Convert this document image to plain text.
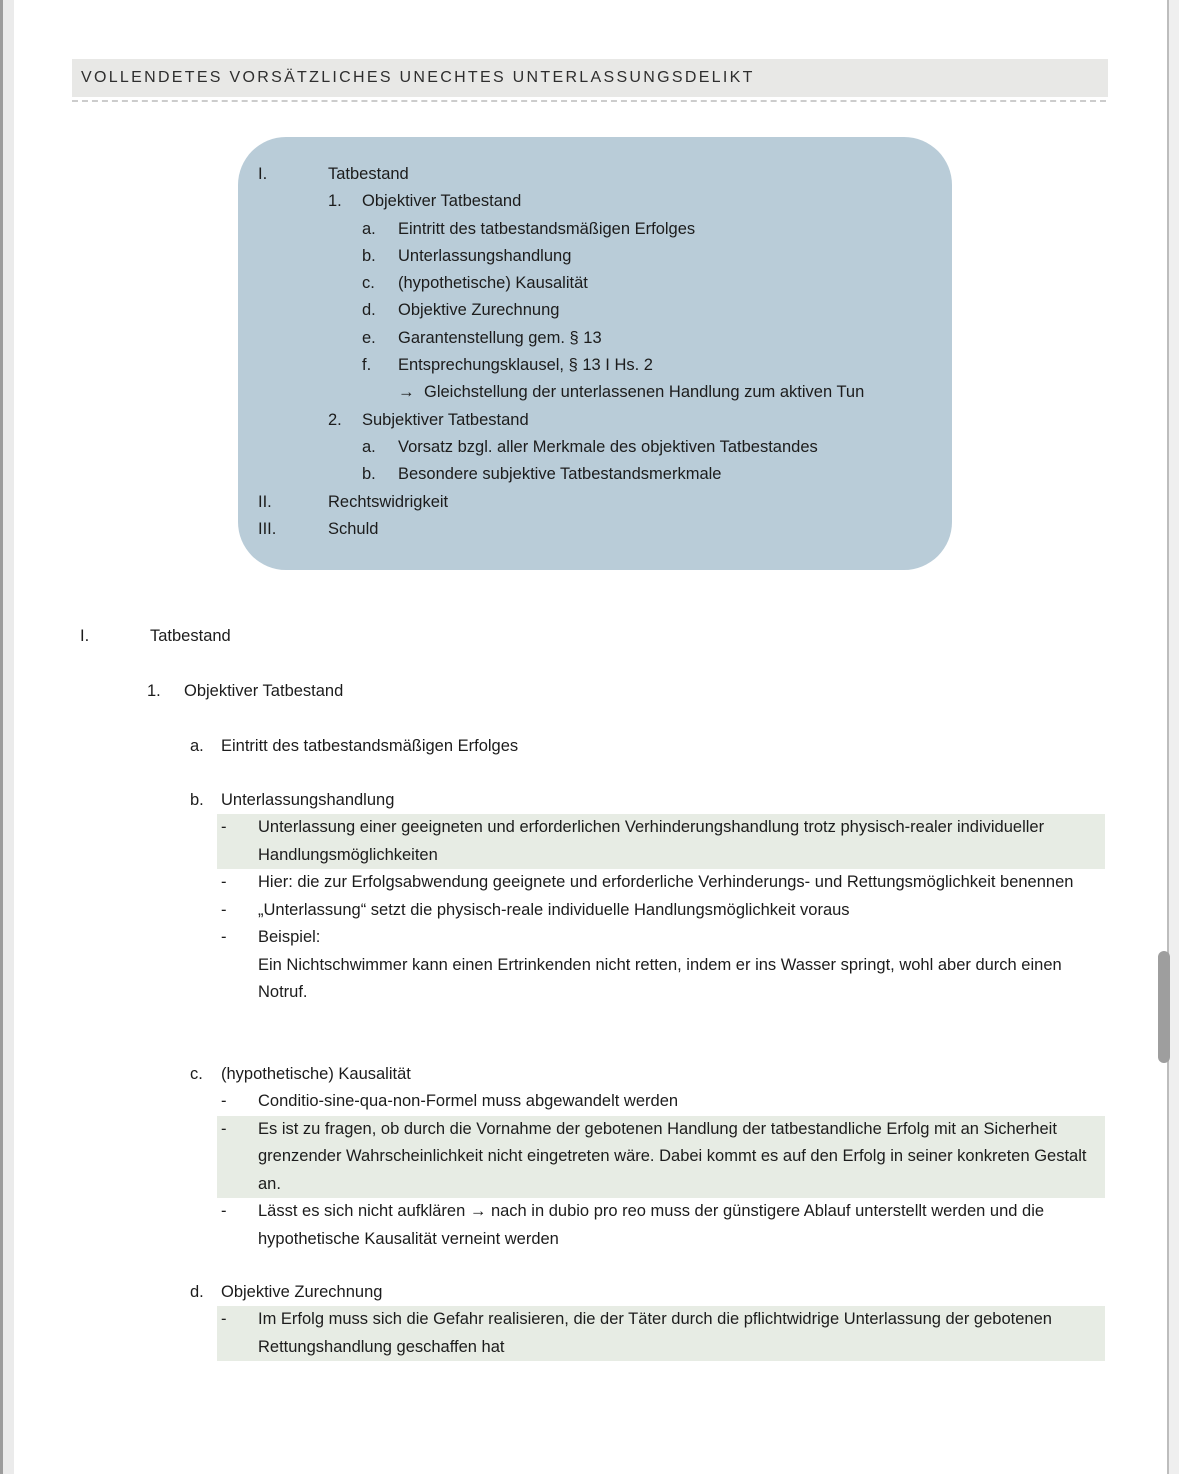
VOLLENDETES VORSÄTZLICHES UNECHTES UNTERLASSUNGSDELIKT
I.	Tatbestand
1.	Objektiver Tatbestand
a.	Eintritt des tatbestandsmäßigen Erfolges
b.	Unterlassungshandlung
c.	(hypothetische) Kausalität
d.	Objektive Zurechnung
e.	Garantenstellung gem. § 13
f.	Entsprechungsklausel, § 13 I Hs. 2
→ Gleichstellung der unterlassenen Handlung zum aktiven Tun
2.	Subjektiver Tatbestand
a.	Vorsatz bzgl. aller Merkmale des objektiven Tatbestandes
b.	Besondere subjektive Tatbestandsmerkmale
II.	Rechtswidrigkeit
III.	Schuld
I.	Tatbestand
1.	Objektiver Tatbestand
a.	Eintritt des tatbestandsmäßigen Erfolges
b.	Unterlassungshandlung
-	Unterlassung einer geeigneten und erforderlichen Verhinderungshandlung trotz physisch-realer individueller Handlungsmöglichkeiten
-	Hier: die zur Erfolgsabwendung geeignete und erforderliche Verhinderungs- und Rettungsmöglichkeit benennen
-	„Unterlassung“ setzt die physisch-reale individuelle Handlungsmöglichkeit voraus
-	Beispiel:
Ein Nichtschwimmer kann einen Ertrinkenden nicht retten, indem er ins Wasser springt, wohl aber durch einen Notruf.
c.	(hypothetische) Kausalität
-	Conditio-sine-qua-non-Formel muss abgewandelt werden
-	Es ist zu fragen, ob durch die Vornahme der gebotenen Handlung der tatbestandliche Erfolg mit an Sicherheit grenzender Wahrscheinlichkeit nicht eingetreten wäre. Dabei kommt es auf den Erfolg in seiner konkreten Gestalt an.
-	Lässt es sich nicht aufklären → nach in dubio pro reo muss der günstigere Ablauf unterstellt werden und die hypothetische Kausalität verneint werden
d.	Objektive Zurechnung
-	Im Erfolg muss sich die Gefahr realisieren, die der Täter durch die pflichtwidrige Unterlassung der gebotenen Rettungshandlung geschaffen hat
